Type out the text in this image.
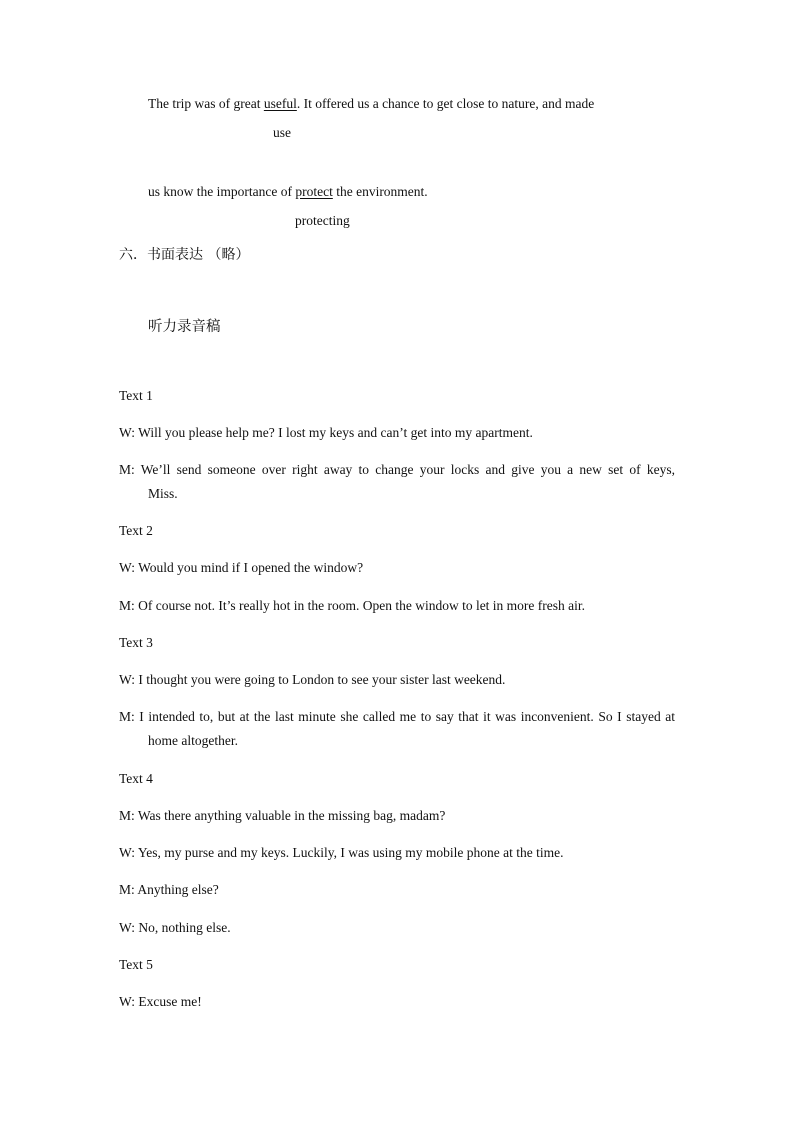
The trip was of great useful. It offered us a chance to get close to nature, and made
use
us know the importance of protect the environment.
protecting
六．书面表达 （略）
听力录音稿
Text 1
W: Will you please help me? I lost my keys and can’t get into my apartment.
M: We’ll send someone over right away to change your locks and give you a new set of keys,
Miss.
Text 2
W: Would you mind if I opened the window?
M: Of course not. It’s really hot in the room. Open the window to let in more fresh air.
Text 3
W: I thought you were going to London to see your sister last weekend.
M: I intended to, but at the last minute she called me to say that it was inconvenient. So I stayed at
home altogether.
Text 4
M: Was there anything valuable in the missing bag, madam?
W: Yes, my purse and my keys. Luckily, I was using my mobile phone at the time.
M: Anything else?
W: No, nothing else.
Text 5
W: Excuse me!
